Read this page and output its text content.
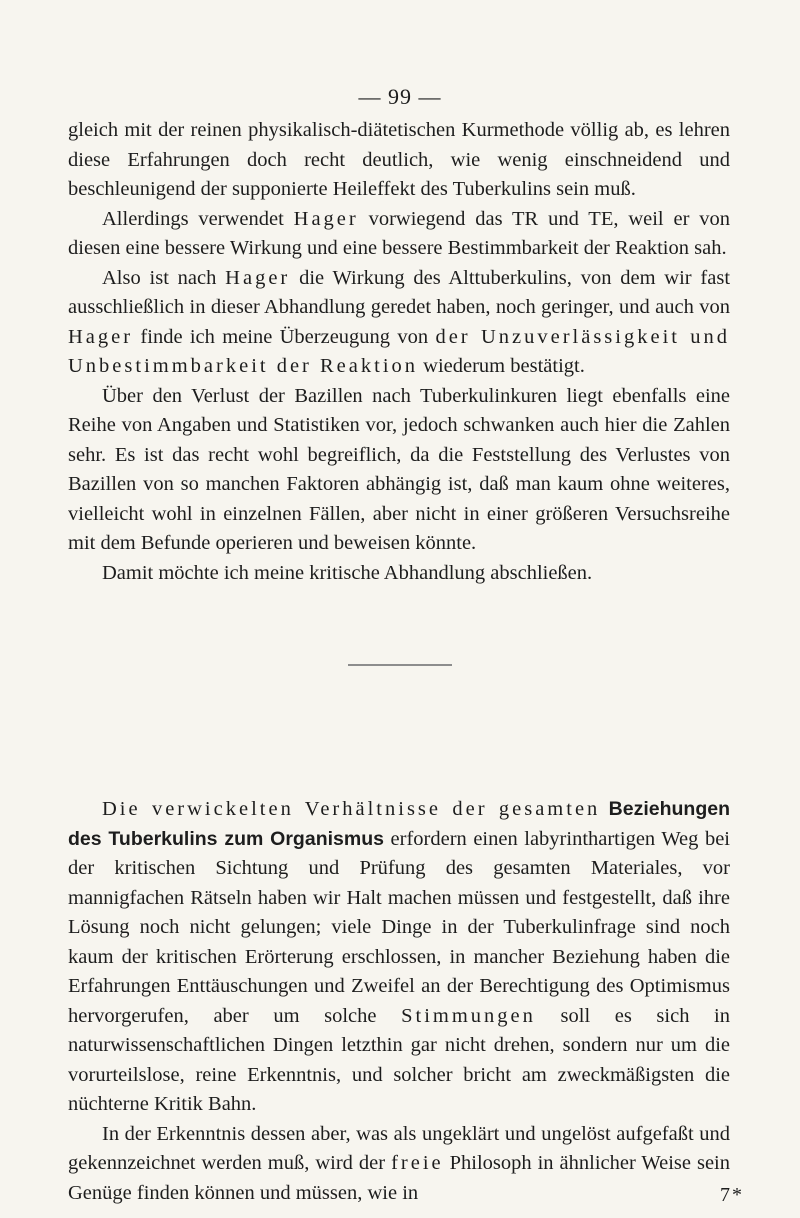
— 99 —

gleich mit der reinen physikalisch-diätetischen Kurmethode völlig ab, es lehren diese Erfahrungen doch recht deutlich, wie wenig einschneidend und beschleunigend der supponierte Heileffekt des Tuberkulins sein muß.

Allerdings verwendet Hager vorwiegend das TR und TE, weil er von diesen eine bessere Wirkung und eine bessere Bestimmbarkeit der Reaktion sah.

Also ist nach Hager die Wirkung des Alttuberkulins, von dem wir fast ausschließlich in dieser Abhandlung geredet haben, noch geringer, und auch von Hager finde ich meine Überzeugung von der Unzuverlässigkeit und Unbestimmbarkeit der Reaktion wiederum bestätigt.

Über den Verlust der Bazillen nach Tuberkulinkuren liegt ebenfalls eine Reihe von Angaben und Statistiken vor, jedoch schwanken auch hier die Zahlen sehr. Es ist das recht wohl begreiflich, da die Feststellung des Verlustes von Bazillen von so manchen Faktoren abhängig ist, daß man kaum ohne weiteres, vielleicht wohl in einzelnen Fällen, aber nicht in einer größeren Versuchsreihe mit dem Befunde operieren und beweisen könnte.

Damit möchte ich meine kritische Abhandlung abschließen.

Die verwickelten Verhältnisse der gesamten Beziehungen des Tuberkulins zum Organismus erfordern einen labyrinthartigen Weg bei der kritischen Sichtung und Prüfung des gesamten Materiales, vor mannigfachen Rätseln haben wir Halt machen müssen und festgestellt, daß ihre Lösung noch nicht gelungen; viele Dinge in der Tuberkulinfrage sind noch kaum der kritischen Erörterung erschlossen, in mancher Beziehung haben die Erfahrungen Enttäuschungen und Zweifel an der Berechtigung des Optimismus hervorgerufen, aber um solche Stimmungen soll es sich in naturwissenschaftlichen Dingen letzthin gar nicht drehen, sondern nur um die vorurteilslose, reine Erkenntnis, und solcher bricht am zweckmäßigsten die nüchterne Kritik Bahn.

In der Erkenntnis dessen aber, was als ungeklärt und ungelöst aufgefaßt und gekennzeichnet werden muß, wird der freie Philosoph in ähnlicher Weise sein Genüge finden können und müssen, wie in	7*
